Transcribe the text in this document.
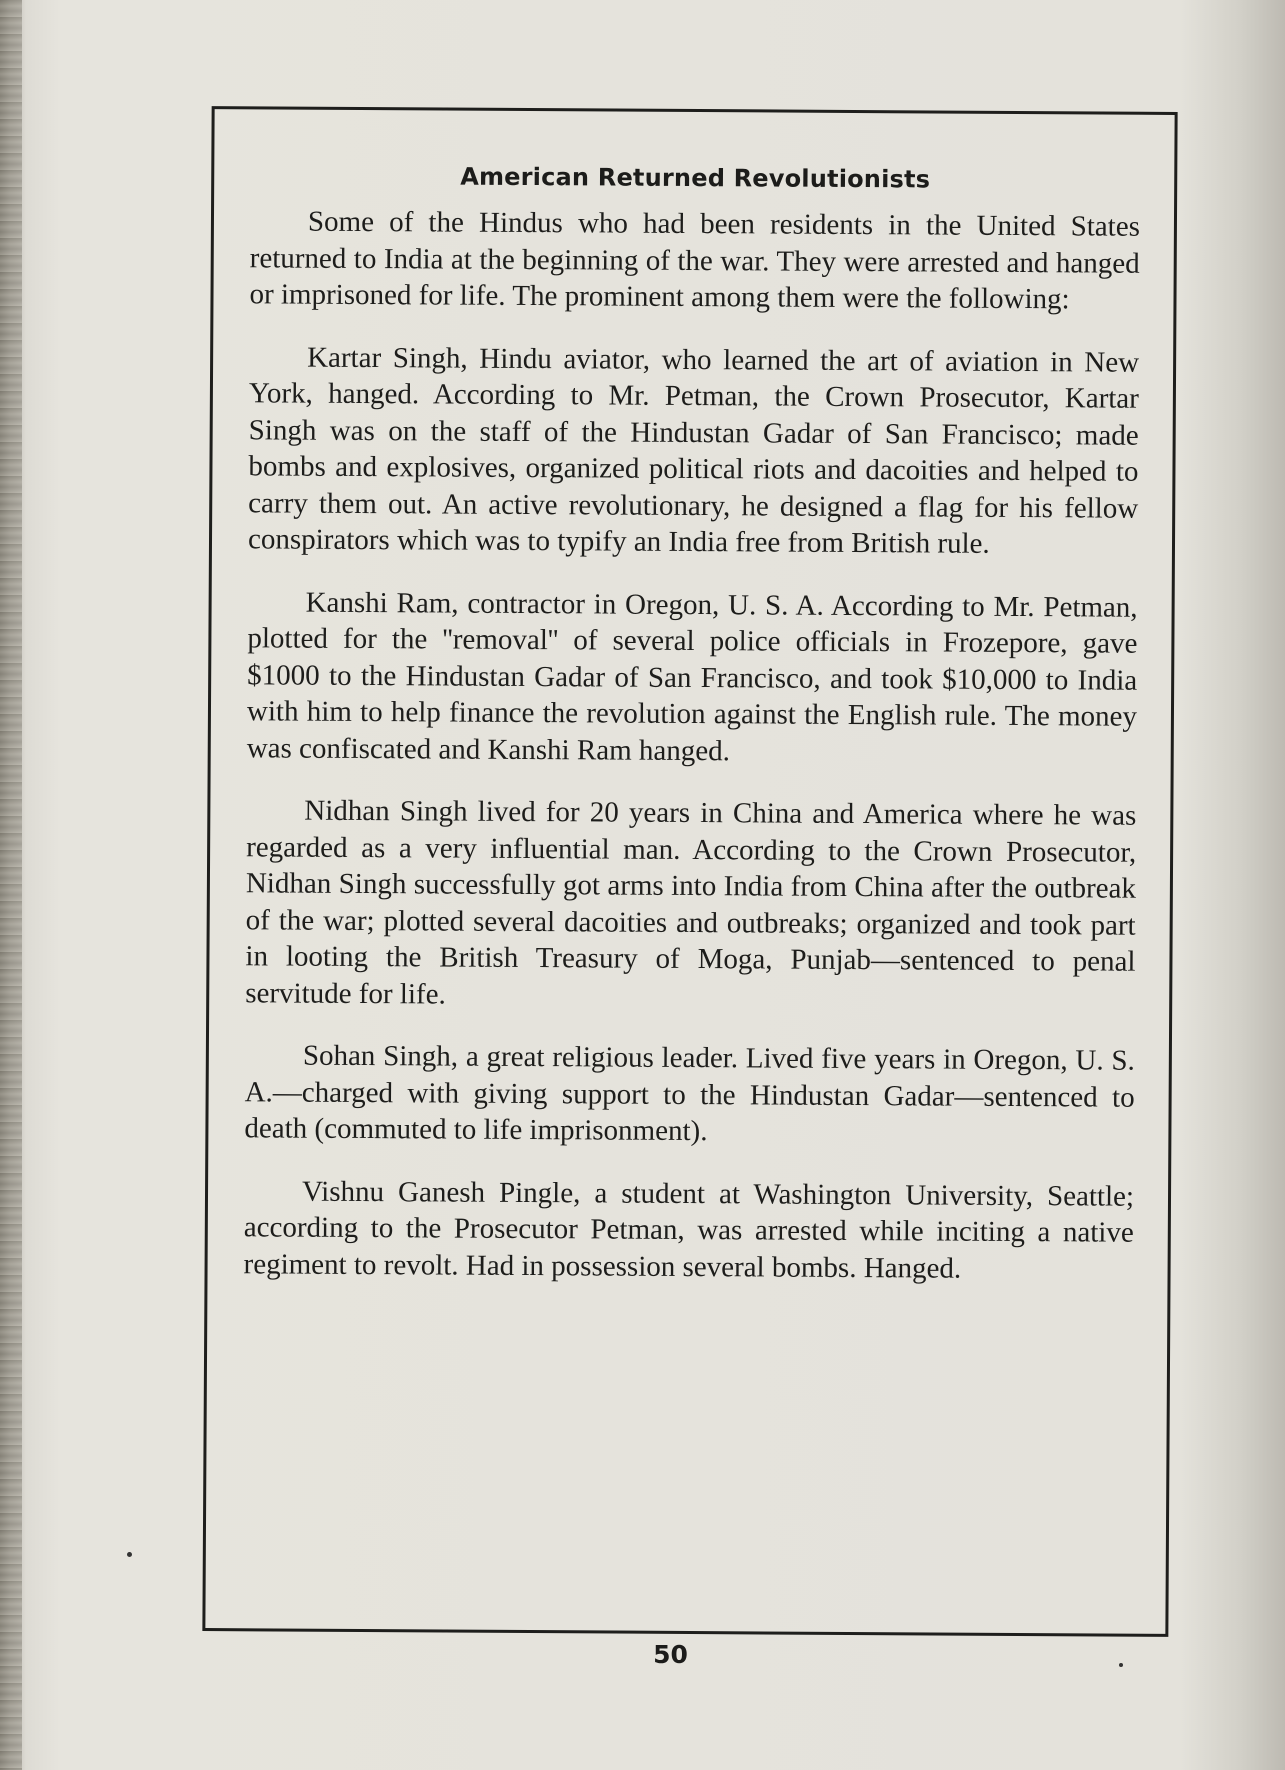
American Returned Revolutionists

Some of the Hindus who had been residents in the United States returned to India at the beginning of the war. They were arrested and hanged or imprisoned for life. The prominent among them were the following:

Kartar Singh, Hindu aviator, who learned the art of aviation in New York, hanged. According to Mr. Petman, the Crown Prosecutor, Kartar Singh was on the staff of the Hindustan Gadar of San Francisco; made bombs and explosives, organized political riots and dacoities and helped to carry them out. An active revolutionary, he designed a flag for his fellow conspirators which was to typify an India free from British rule.

Kanshi Ram, contractor in Oregon, U. S. A. According to Mr. Petman, plotted for the ''removal'' of several police officials in Frozepore, gave $1000 to the Hindustan Gadar of San Francisco, and took $10,000 to India with him to help finance the revolution against the English rule. The money was confiscated and Kanshi Ram hanged.

Nidhan Singh lived for 20 years in China and America where he was regarded as a very influential man. According to the Crown Prosecutor, Nidhan Singh successfully got arms into India from China after the outbreak of the war; plotted several dacoities and outbreaks; organized and took part in looting the British Treasury of Moga, Punjab—sentenced to penal servitude for life.

Sohan Singh, a great religious leader. Lived five years in Oregon, U. S. A.—charged with giving support to the Hindustan Gadar—sentenced to death (commuted to life imprisonment).

Vishnu Ganesh Pingle, a student at Washington University, Seattle; according to the Prosecutor Petman, was arrested while inciting a native regiment to revolt. Had in possession several bombs. Hanged.

50
